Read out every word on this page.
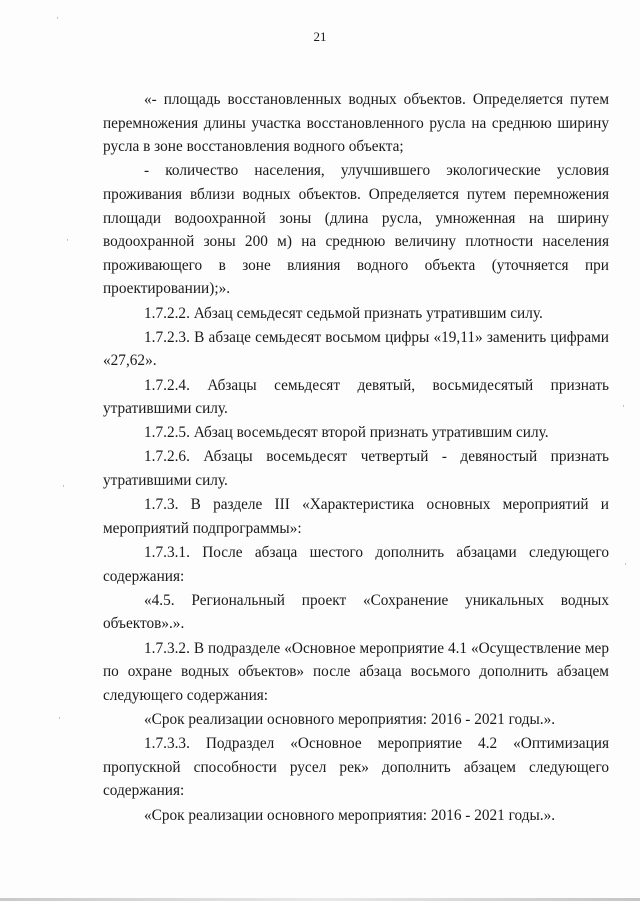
21

«- площадь восстановленных водных объектов. Определяется путем перемножения длины участка восстановленного русла на среднюю ширину русла в зоне восстановления водного объекта;

- количество населения, улучшившего экологические условия проживания вблизи водных объектов. Определяется путем перемножения площади водоохранной зоны (длина русла, умноженная на ширину водоохранной зоны 200 м) на среднюю величину плотности населения проживающего в зоне влияния водного объекта (уточняется при проектировании);».

1.7.2.2. Абзац семьдесят седьмой признать утратившим силу.

1.7.2.3. В абзаце семьдесят восьмом цифры «19,11» заменить цифрами «27,62».

1.7.2.4. Абзацы семьдесят девятый, восьмидесятый признать утратившими силу.

1.7.2.5. Абзац восемьдесят второй признать утратившим силу.

1.7.2.6. Абзацы восемьдесят четвертый - девяностый признать утратившими силу.

1.7.3. В разделе III «Характеристика основных мероприятий и мероприятий подпрограммы»:

1.7.3.1. После абзаца шестого дополнить абзацами следующего содержания:

«4.5. Региональный проект «Сохранение уникальных водных объектов».».

1.7.3.2. В подразделе «Основное мероприятие 4.1 «Осуществление мер по охране водных объектов» после абзаца восьмого дополнить абзацем следующего содержания:

«Срок реализации основного мероприятия: 2016 - 2021 годы.».

1.7.3.3. Подраздел «Основное мероприятие 4.2 «Оптимизация пропускной способности русел рек» дополнить абзацем следующего содержания:

«Срок реализации основного мероприятия: 2016 - 2021 годы.».

·
·
·
·
·
·
